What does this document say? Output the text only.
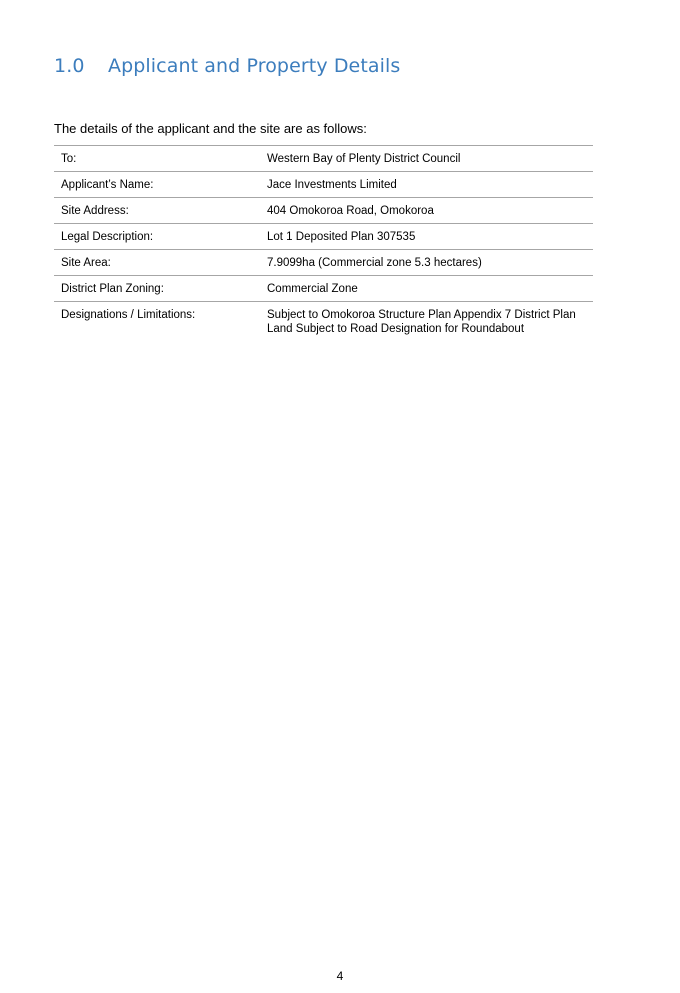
1.0 Applicant and Property Details
The details of the applicant and the site are as follows:
To:	Western Bay of Plenty District Council
Applicant’s Name:	Jace Investments Limited
Site Address:	404 Omokoroa Road, Omokoroa
Legal Description:	Lot 1 Deposited Plan 307535
Site Area:	7.9099ha (Commercial zone 5.3 hectares)
District Plan Zoning:	Commercial Zone
Designations / Limitations:	Subject to Omokoroa Structure Plan Appendix 7 District Plan Land Subject to Road Designation for Roundabout
4
